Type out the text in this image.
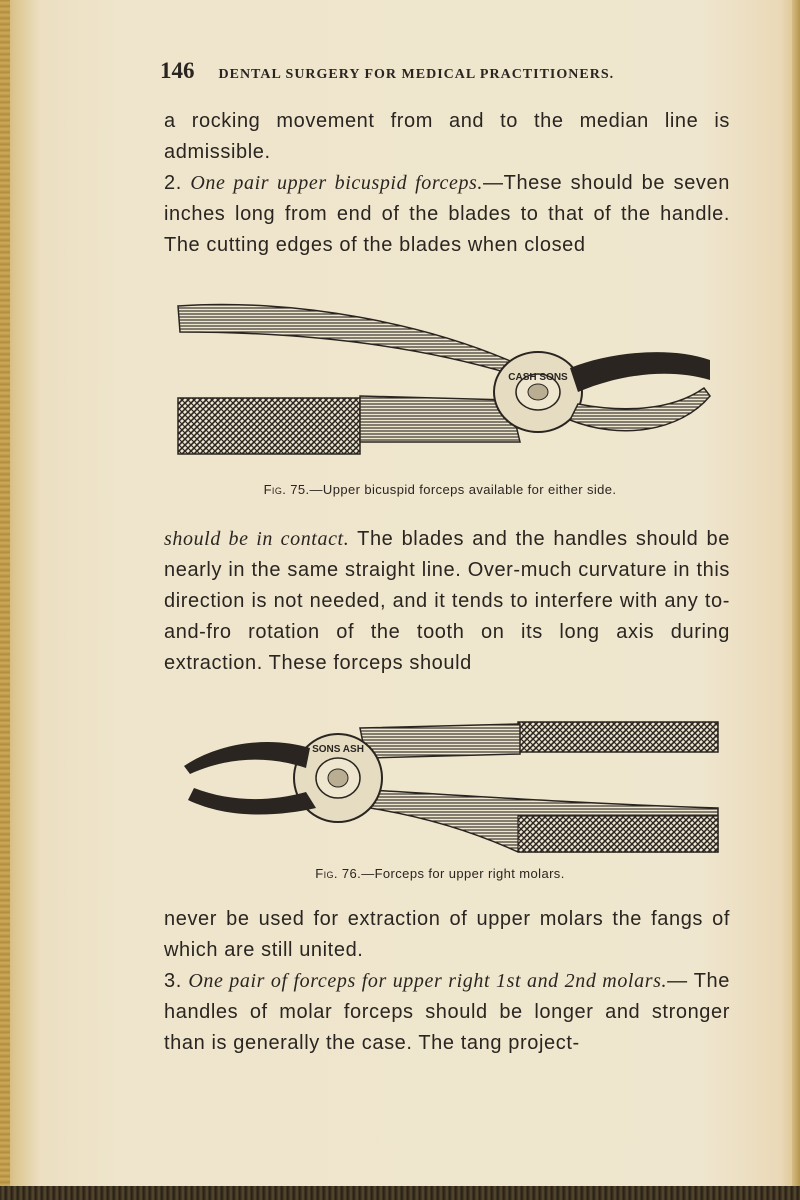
146 DENTAL SURGERY FOR MEDICAL PRACTITIONERS.

a rocking movement from and to the median line is admissible.

2. One pair upper bicuspid forceps.—These should be seven inches long from end of the blades to that of the handle. The cutting edges of the blades when closed

CASH SONS
Fig. 75.—Upper bicuspid forceps available for either side.

should be in contact. The blades and the handles should be nearly in the same straight line. Over-much curvature in this direction is not needed, and it tends to interfere with any to-and-fro rotation of the tooth on its long axis during extraction. These forceps should

SONS ASH
Fig. 76.—Forceps for upper right molars.

never be used for extraction of upper molars the fangs of which are still united.

3. One pair of forceps for upper right 1st and 2nd molars.— The handles of molar forceps should be longer and stronger than is generally the case. The tang project-
